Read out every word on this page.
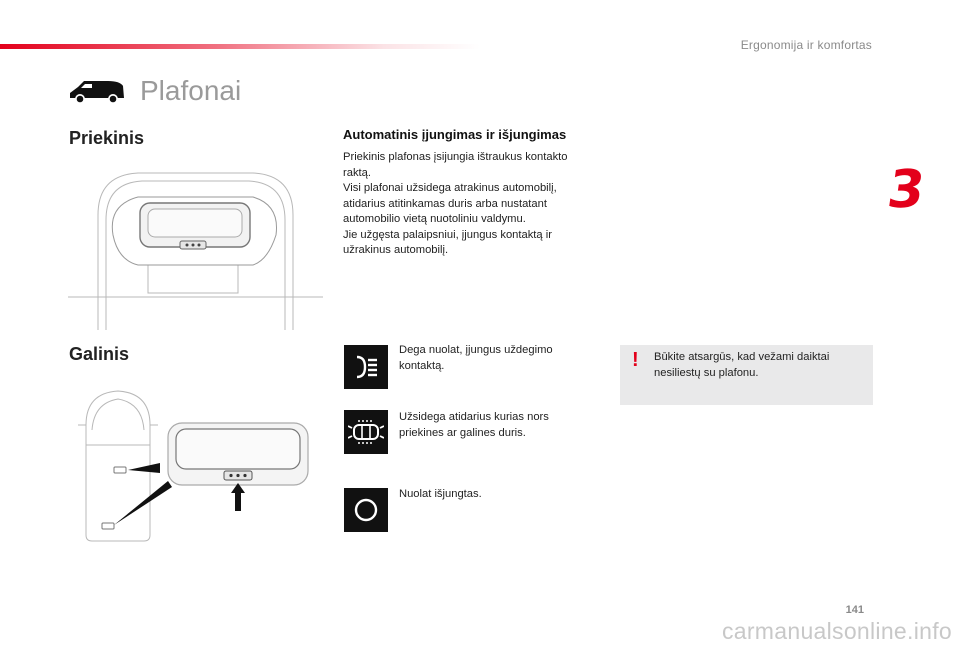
Ergonomija ir komfortas
3
Plafonai
Priekinis	Automatinis įjungimas ir išjungimas

Priekinis plafonas įsijungia ištraukus kontakto raktą.

Visi plafonai užsidega atrakinus automobilį, atidarius atitinkamas duris arba nustatant automobilio vietą nuotoliniu valdymu.

Jie užgęsta palaipsniui, įjungus kontaktą ir užrakinus automobilį.

Galinis	Dega nuolat, įjungus uždegimo kontaktą.
Užsidega atidarius kurias nors priekines ar galines duris.
Nuolat išjungtas.
! Būkite atsargūs, kad vežami daiktai nesiliestų su plafonu.
141
carmanualsonline.info
